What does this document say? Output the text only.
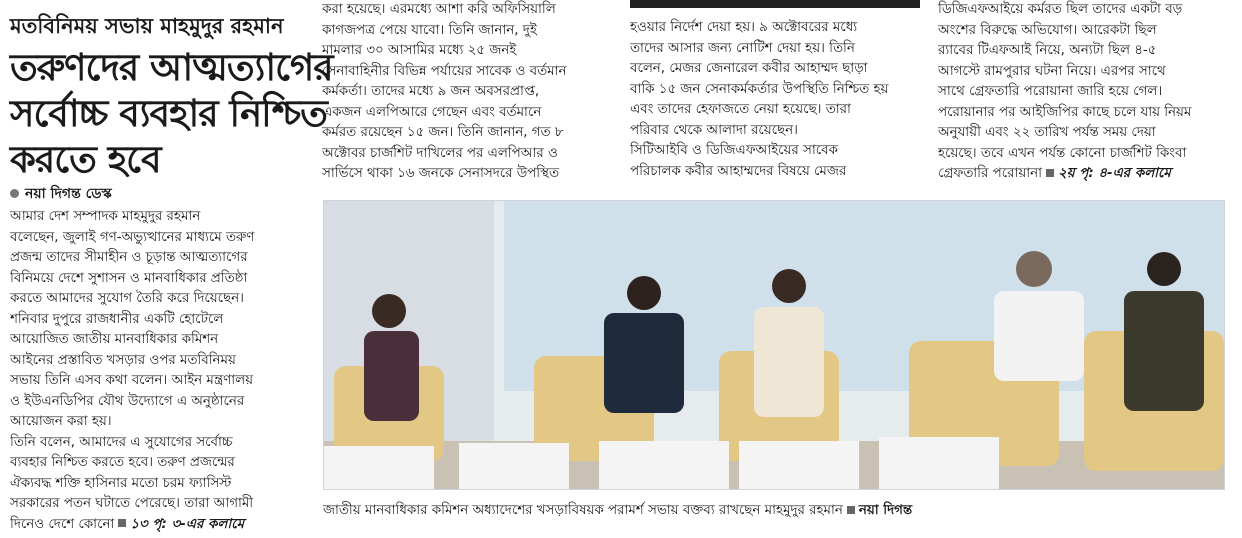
মতবিনিময় সভায় মাহমুদুর রহমান
তরুণদের আত্মত্যাগের
সর্বোচ্চ ব্যবহার নিশ্চিত
করতে হবে
নয়া দিগন্ত ডেস্ক
আমার দেশ সম্পাদক মাহমুদুর রহমান
বলেছেন, জুলাই গণ-অভ্যুত্থানের মাধ্যমে তরুণ
প্রজন্ম তাদের সীমাহীন ও চূড়ান্ত আত্মত্যাগের
বিনিময়ে দেশে সুশাসন ও মানবাধিকার প্রতিষ্ঠা
করতে আমাদের সুযোগ তৈরি করে দিয়েছেন।
শনিবার দুপুরে রাজধানীর একটি হোটেলে
আয়োজিত জাতীয় মানবাধিকার কমিশন
আইনের প্রস্তাবিত খসড়ার ওপর মতবিনিময়
সভায় তিনি এসব কথা বলেন। আইন মন্ত্রণালয়
ও ইউএনডিপির যৌথ উদ্যোগে এ অনুষ্ঠানের
আয়োজন করা হয়।
তিনি বলেন, আমাদের এ সুযোগের সর্বোচ্চ
ব্যবহার নিশ্চিত করতে হবে। তরুণ প্রজন্মের
ঐক্যবদ্ধ শক্তি হাসিনার মতো চরম ফ্যাসিস্ট
সরকারের পতন ঘটাতে পেরেছে। তারা আগামী
দিনেও দেশে কোনো ১৩ পৃ: ৩-এর কলামে
করা হয়েছে। এরমধ্যে আশা করি অফিসিয়ালি
কাগজপত্র পেয়ে যাবো। তিনি জানান, দুই
মামলার ৩০ আসামির মধ্যে ২৫ জনই
সেনাবাহিনীর বিভিন্ন পর্যায়ের সাবেক ও বর্তমান
কর্মকর্তা। তাদের মধ্যে ৯ জন অবসরপ্রাপ্ত,
একজন এলপিআরে গেছেন এবং বর্তমানে
কর্মরত রয়েছেন ১৫ জন। তিনি জানান, গত ৮
অক্টোবর চার্জশিট দাখিলের পর এলপিআর ও
সার্ভিসে থাকা ১৬ জনকে সেনাসদরে উপস্থিত
হওয়ার নির্দেশ দেয়া হয়। ৯ অক্টোবরের মধ্যে
তাদের আসার জন্য নোটিশ দেয়া হয়। তিনি
বলেন, মেজর জেনারেল কবীর আহাম্মদ ছাড়া
বাকি ১৫ জন সেনাকর্মকর্তার উপস্থিতি নিশ্চিত হয়
এবং তাদের হেফাজতে নেয়া হয়েছে। তারা
পরিবার থেকে আলাদা রয়েছেন।
সিটিআইবি ও ডিজিএফআইয়ের সাবেক
পরিচালক কবীর আহাম্মদের বিষয়ে মেজর
ডিজিএফআইয়ে কর্মরত ছিল তাদের একটা বড়
অংশের বিরুদ্ধে অভিযোগ। আরেকটা ছিল
র‌্যাবের টিএফআই নিয়ে, অন্যটা ছিল ৪-৫
আগস্টে রামপুরার ঘটনা নিয়ে। এরপর সাথে
সাথে গ্রেফতারি পরোয়ানা জারি হয়ে গেল।
পরোয়ানার পর আইজিপির কাছে চলে যায় নিয়ম
অনুযায়ী এবং ২২ তারিখ পর্যন্ত সময় দেয়া
হয়েছে। তবে এখন পর্যন্ত কোনো চার্জশিট কিংবা
গ্রেফতারি পরোয়ানা ২য় পৃ: ৪-এর কলামে
জাতীয় মানবাধিকার কমিশন অধ্যাদেশের খসড়াবিষয়ক পরামর্শ সভায় বক্তব্য রাখছেন মাহমুদুর রহমান নয়া দিগন্ত
